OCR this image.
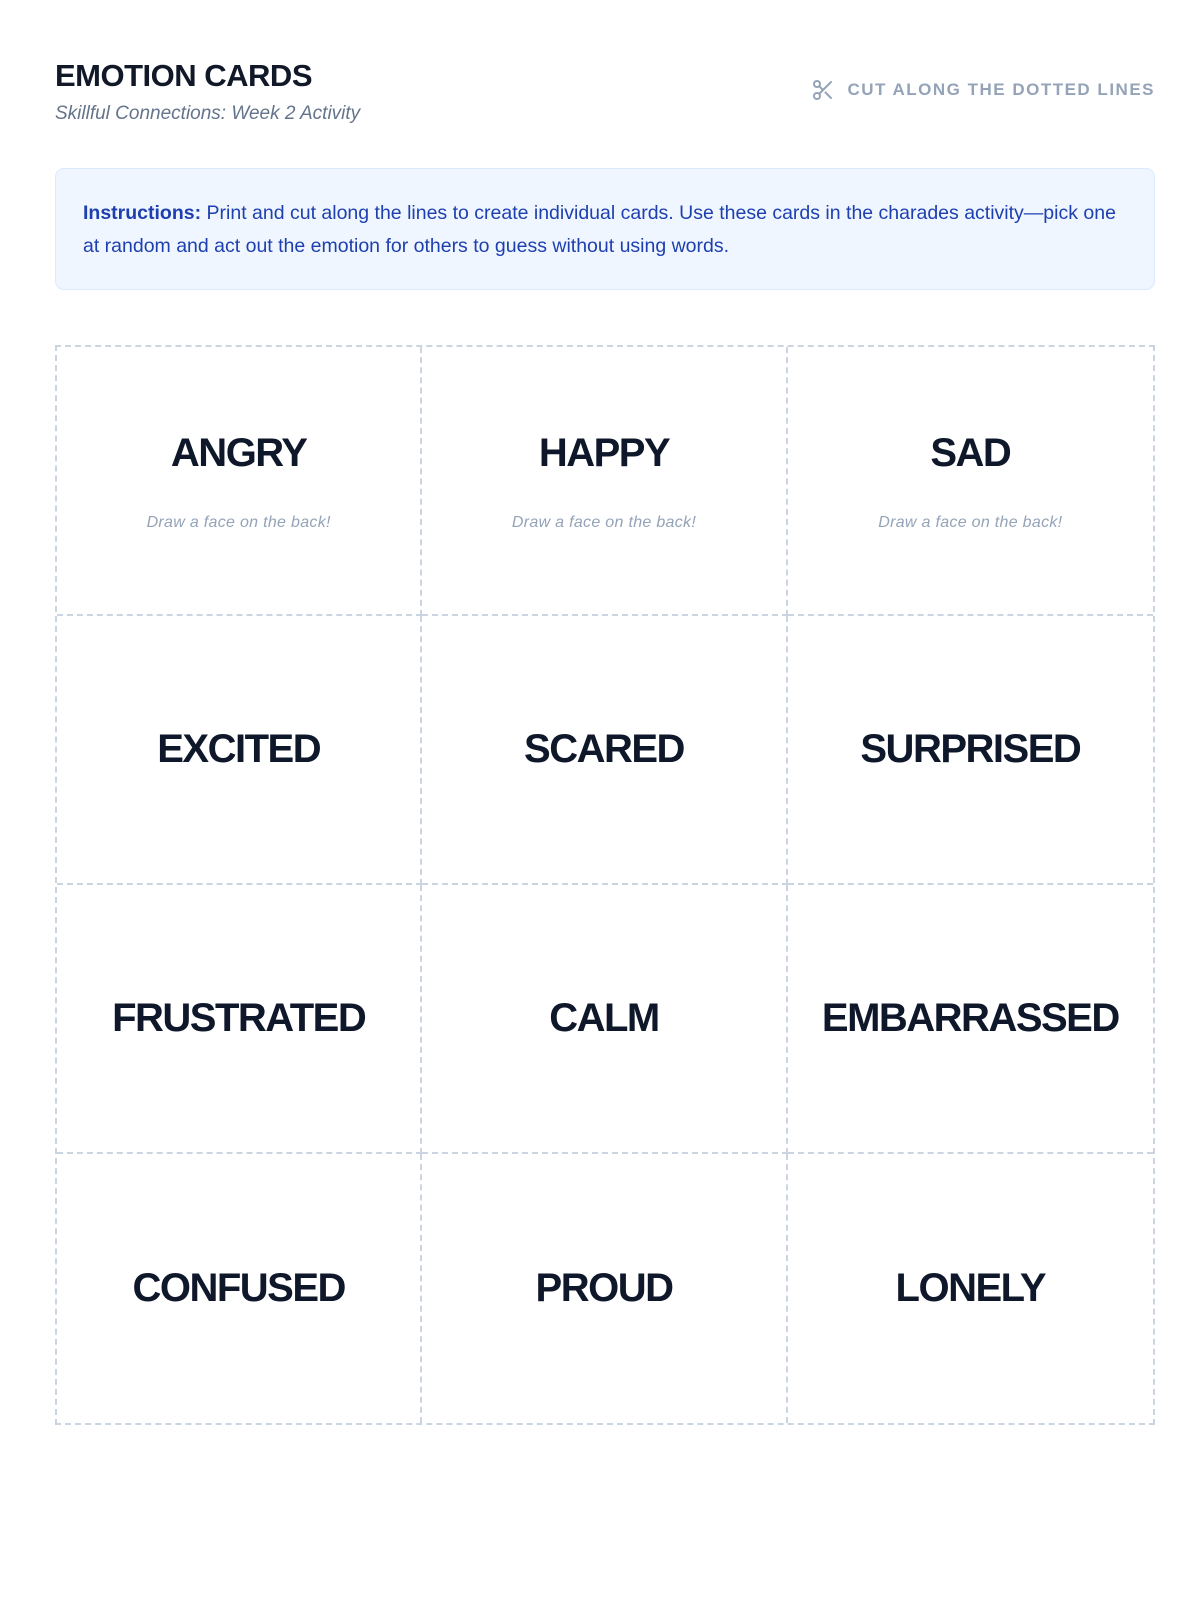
EMOTION CARDS
Skillful Connections: Week 2 Activity
CUT ALONG THE DOTTED LINES
Instructions: Print and cut along the lines to create individual cards. Use these cards in the charades activity—pick one at random and act out the emotion for others to guess without using words.
ANGRY
Draw a face on the back!
HAPPY
Draw a face on the back!
SAD
Draw a face on the back!
EXCITED	SCARED	SURPRISED
FRUSTRATED	CALM	EMBARRASSED
CONFUSED	PROUD	LONELY
